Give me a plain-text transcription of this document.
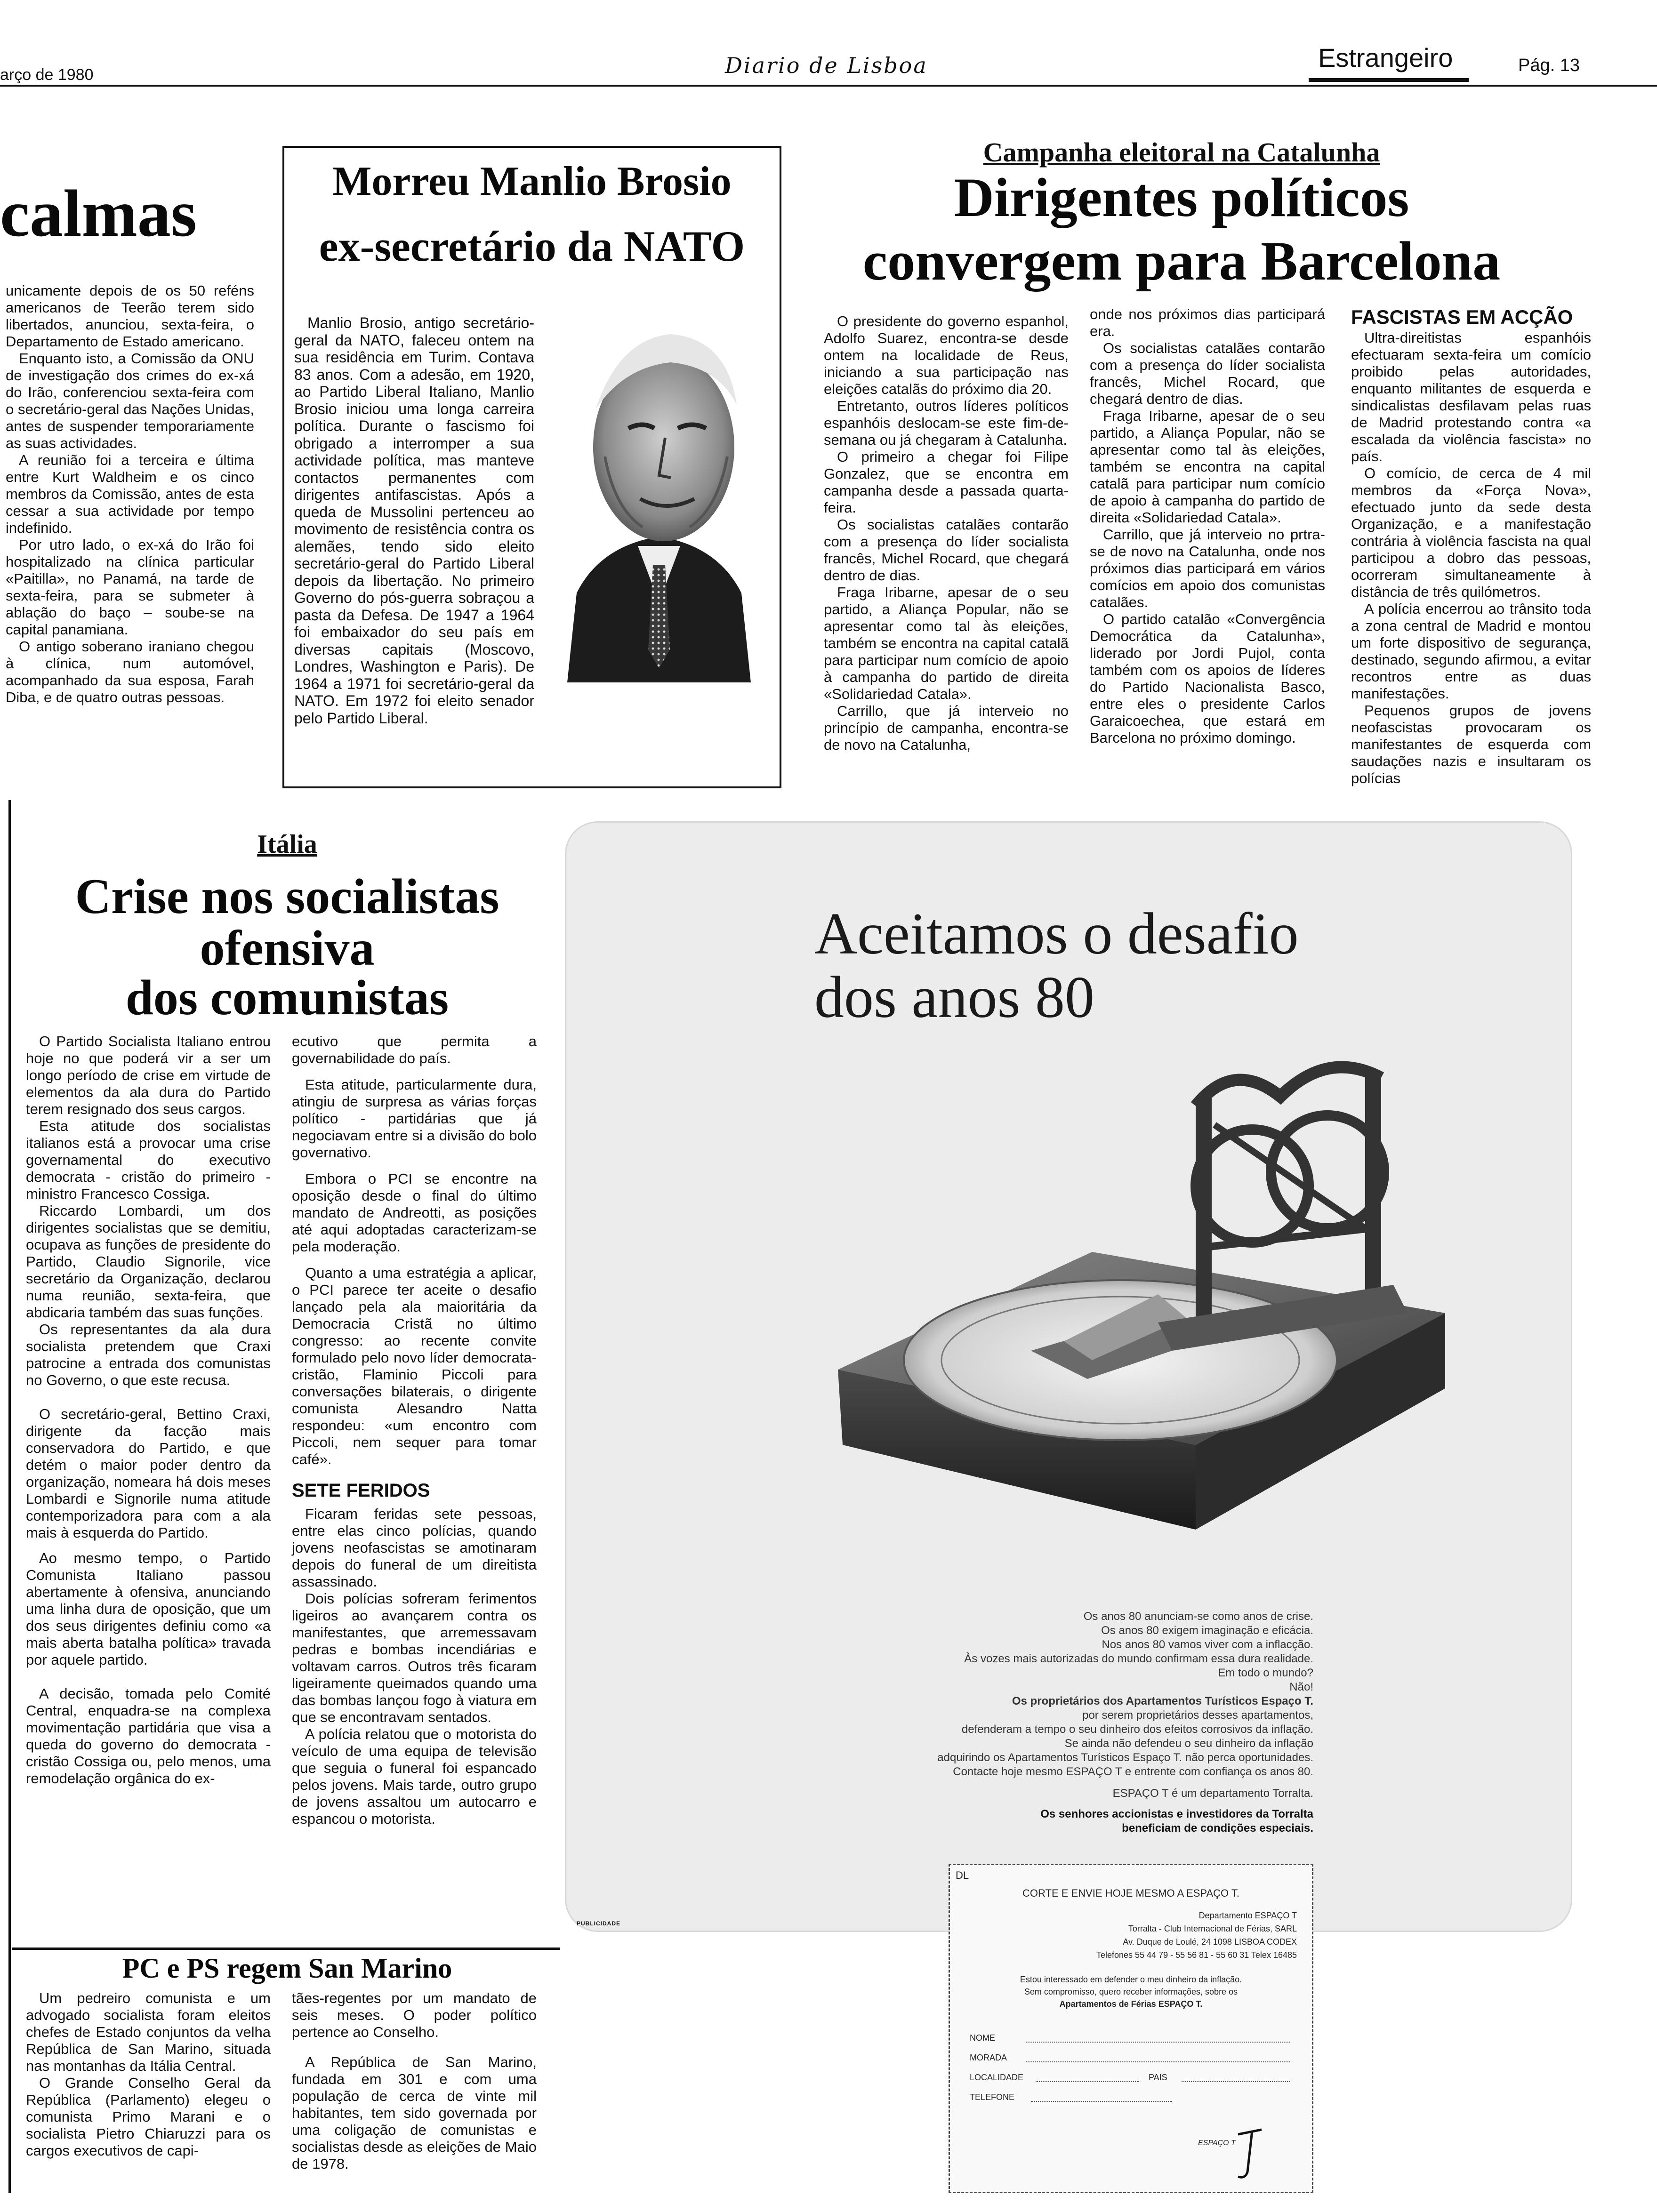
arço de 1980	Diario de Lisboa	Estrangeiro	Pág. 13
calmas

unicamente depois de os 50 reféns americanos de Teerão terem sido libertados, anunciou, sexta-feira, o Departamento de Estado americano.

Enquanto isto, a Comissão da ONU de investigação dos crimes do ex-xá do Irão, conferenciou sexta-feira com o secretário-geral das Nações Unidas, antes de suspender temporariamente as suas actividades.

A reunião foi a terceira e última entre Kurt Waldheim e os cinco membros da Comissão, antes de esta cessar a sua actividade por tempo indefinido.

Por utro lado, o ex-xá do Irão foi hospitalizado na clínica particular «Paitilla», no Panamá, na tarde de sexta-feira, para se submeter à ablação do baço – soube-se na capital panamiana.

O antigo soberano iraniano chegou à clínica, num automóvel, acompanhado da sua esposa, Farah Diba, e de quatro outras pessoas.

Morreu Manlio Brosio
ex-secretário da NATO

Manlio Brosio, antigo secretário-geral da NATO, faleceu ontem na sua residência em Turim. Contava 83 anos. Com a adesão, em 1920, ao Partido Liberal Italiano, Manlio Brosio iniciou uma longa carreira política. Durante o fascismo foi obrigado a interromper a sua actividade política, mas manteve contactos permanentes com dirigentes antifascistas. Após a queda de Mussolini pertenceu ao movimento de resistência contra os alemães, tendo sido eleito secretário-geral do Partido Liberal depois da libertação. No primeiro Governo do pós-guerra sobraçou a pasta da Defesa. De 1947 a 1964 foi embaixador do seu país em diversas capitais (Moscovo, Londres, Washington e Paris). De 1964 a 1971 foi secretário-geral da NATO. Em 1972 foi eleito senador pelo Partido Liberal.

Campanha eleitoral na Catalunha
Dirigentes políticos
convergem para Barcelona

O presidente do governo espanhol, Adolfo Suarez, encontra-se desde ontem na localidade de Reus, iniciando a sua participação nas eleições catalãs do próximo dia 20.

Entretanto, outros líderes políticos espanhóis deslocam-se este fim-de-semana ou já chegaram à Catalunha.

O primeiro a chegar foi Filipe Gonzalez, que se encontra em campanha desde a passada quarta-feira.

Os socialistas catalães contarão com a presença do líder socialista francês, Michel Rocard, que chegará dentro de dias.

Fraga Iribarne, apesar de o seu partido, a Aliança Popular, não se apresentar como tal às eleições, também se encontra na capital catalã para participar num comício de apoio à campanha do partido de direita «Solidariedad Catala».

Carrillo, que já interveio no princípio de campanha, encontra-se de novo na Catalunha,

onde nos próximos dias participará era.

Os socialistas catalães contarão com a presença do líder socialista francês, Michel Rocard, que chegará dentro de dias.

Fraga Iribarne, apesar de o seu partido, a Aliança Popular, não se apresentar como tal às eleições, também se encontra na capital catalã para participar num comício de apoio à campanha do partido de direita «Solidariedad Catala».

Carrillo, que já interveio no prtra-se de novo na Catalunha, onde nos próximos dias participará em vários comícios em apoio dos comunistas catalães.

O partido catalão «Convergência Democrática da Catalunha», liderado por Jordi Pujol, conta também com os apoios de líderes do Partido Nacionalista Basco, entre eles o presidente Carlos Garaicoechea, que estará em Barcelona no próximo domingo.

FASCISTAS EM ACÇÃO

Ultra-direitistas espanhóis efectuaram sexta-feira um comício proibido pelas autoridades, enquanto militantes de esquerda e sindicalistas desfilavam pelas ruas de Madrid protestando contra «a escalada da violência fascista» no país.

O comício, de cerca de 4 mil membros da «Força Nova», efectuado junto da sede desta Organização, e a manifestação contrária à violência fascista na qual participou a dobro das pessoas, ocorreram simultaneamente à distância de três quilómetros.

A polícia encerrou ao trânsito toda a zona central de Madrid e montou um forte dispositivo de segurança, destinado, segundo afirmou, a evitar recontros entre as duas manifestações.

Pequenos grupos de jovens neofascistas provocaram os manifestantes de esquerda com saudações nazis e insultaram os polícias

Itália
Crise nos socialistas
ofensiva
dos comunistas

O Partido Socialista Italiano entrou hoje no que poderá vir a ser um longo período de crise em virtude de elementos da ala dura do Partido terem resignado dos seus cargos.

Esta atitude dos socialistas italianos está a provocar uma crise governamental do executivo democrata - cristão do primeiro - ministro Francesco Cossiga.

Riccardo Lombardi, um dos dirigentes socialistas que se demitiu, ocupava as funções de presidente do Partido, Claudio Signorile, vice secretário da Organização, declarou numa reunião, sexta-feira, que abdicaria também das suas funções.

Os representantes da ala dura socialista pretendem que Craxi patrocine a entrada dos comunistas no Governo, o que este recusa.

O secretário-geral, Bettino Craxi, dirigente da facção mais conservadora do Partido, e que detém o maior poder dentro da organização, nomeara há dois meses Lombardi e Signorile numa atitude contemporizadora para com a ala mais à esquerda do Partido.

Ao mesmo tempo, o Partido Comunista Italiano passou abertamente à ofensiva, anunciando uma linha dura de oposição, que um dos seus dirigentes definiu como «a mais aberta batalha política» travada por aquele partido.

A decisão, tomada pelo Comité Central, enquadra-se na complexa movimentação partidária que visa a queda do governo do democrata - cristão Cossiga ou, pelo menos, uma remodelação orgânica do ex-

ecutivo que permita a governabilidade do país.

Esta atitude, particularmente dura, atingiu de surpresa as várias forças político - partidárias que já negociavam entre si a divisão do bolo governativo.

Embora o PCI se encontre na oposição desde o final do último mandato de Andreotti, as posições até aqui adoptadas caracterizam-se pela moderação.

Quanto a uma estratégia a aplicar, o PCI parece ter aceite o desafio lançado pela ala maioritária da Democracia Cristã no último congresso: ao recente convite formulado pelo novo líder democrata-cristão, Flaminio Piccoli para conversações bilaterais, o dirigente comunista Alesandro Natta respondeu: «um encontro com Piccoli, nem sequer para tomar café».

SETE FERIDOS

Ficaram feridas sete pessoas, entre elas cinco polícias, quando jovens neofascistas se amotinaram depois do funeral de um direitista assassinado.

Dois polícias sofreram ferimentos ligeiros ao avançarem contra os manifestantes, que arremessavam pedras e bombas incendiárias e voltavam carros. Outros três ficaram ligeiramente queimados quando uma das bombas lançou fogo à viatura em que se encontravam sentados.

A polícia relatou que o motorista do veículo de uma equipa de televisão que seguia o funeral foi espancado pelos jovens. Mais tarde, outro grupo de jovens assaltou um autocarro e espancou o motorista.

PC e PS regem San Marino

Um pedreiro comunista e um advogado socialista foram eleitos chefes de Estado conjuntos da velha República de San Marino, situada nas montanhas da Itália Central.

O Grande Conselho Geral da República (Parlamento) elegeu o comunista Primo Marani e o socialista Pietro Chiaruzzi para os cargos executivos de capi-

tães-regentes por um mandato de seis meses. O poder político pertence ao Conselho.

A República de San Marino, fundada em 301 e com uma população de cerca de vinte mil habitantes, tem sido governada por uma coligação de comunistas e socialistas desde as eleições de Maio de 1978.

Aceitamos o desafio
dos anos 80

Os anos 80 anunciam-se como anos de crise.

Os anos 80 exigem imaginação e eficácia.

Nos anos 80 vamos viver com a inflacção.

Às vozes mais autorizadas do mundo confirmam essa dura realidade.

Em todo o mundo?

Não!

Os proprietários dos Apartamentos Turísticos Espaço T.

por serem proprietários desses apartamentos,

defenderam a tempo o seu dinheiro dos efeitos corrosivos da inflação.

Se ainda não defendeu o seu dinheiro da inflação

adquirindo os Apartamentos Turísticos Espaço T. não perca oportunidades.

Contacte hoje mesmo ESPAÇO T e entrente com confiança os anos 80.

ESPAÇO T é um departamento Torralta.

Os senhores accionistas e investidores da Torralta

beneficiam de condições especiais.

PUBLICIDADE
DL
CORTE E ENVIE HOJE MESMO A ESPAÇO T.
Departamento ESPAÇO T
Torralta - Club Internacional de Férias, SARL
Av. Duque de Loulé, 24 1098 LISBOA CODEX
Telefones 55 44 79 - 55 56 81 - 55 60 31 Telex 16485
Estou interessado em defender o meu dinheiro da inflação.
Sem compromisso, quero receber informações, sobre os
Apartamentos de Férias ESPAÇO T.
NOME
MORADA
LOCALIDADE	PAIS
TELEFONE
ESPAÇO T
